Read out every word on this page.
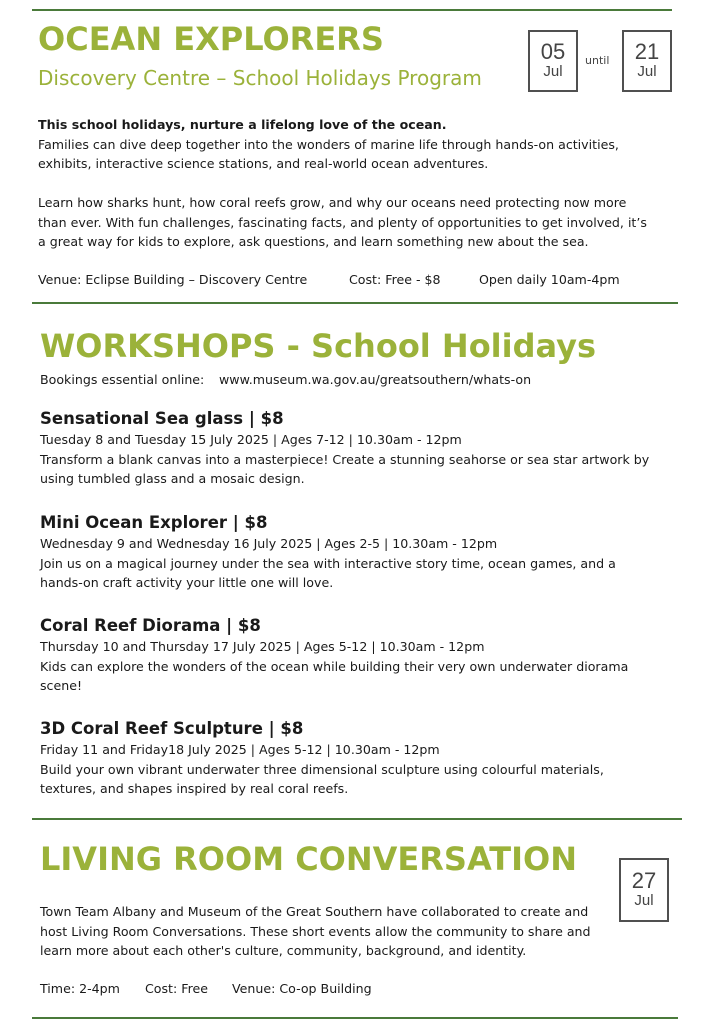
OCEAN EXPLORERS
Discovery Centre – School Holidays Program
05
Jul
until 21
Jul
This school holidays, nurture a lifelong love of the ocean.
Families can dive deep together into the wonders of marine life through hands-on activities,
exhibits, interactive science stations, and real-world ocean adventures.
Learn how sharks hunt, how coral reefs grow, and why our oceans need protecting now more
than ever. With fun challenges, fascinating facts, and plenty of opportunities to get involved, it’s
a great way for kids to explore, ask questions, and learn something new about the sea.
Venue: Eclipse Building – Discovery Centre	Cost: Free - $8	Open daily 10am-4pm
WORKSHOPS - School Holidays
Bookings essential online: www.museum.wa.gov.au/greatsouthern/whats-on
Sensational Sea glass | $8
Tuesday 8 and Tuesday 15 July 2025 | Ages 7-12 | 10.30am - 12pm
Transform a blank canvas into a masterpiece! Create a stunning seahorse or sea star artwork by
using tumbled glass and a mosaic design.
Mini Ocean Explorer | $8
Wednesday 9 and Wednesday 16 July 2025 | Ages 2-5 | 10.30am - 12pm
Join us on a magical journey under the sea with interactive story time, ocean games, and a
hands-on craft activity your little one will love.
Coral Reef Diorama | $8
Thursday 10 and Thursday 17 July 2025 | Ages 5-12 | 10.30am - 12pm
Kids can explore the wonders of the ocean while building their very own underwater diorama
scene!
3D Coral Reef Sculpture | $8
Friday 11 and Friday18 July 2025 | Ages 5-12 | 10.30am - 12pm
Build your own vibrant underwater three dimensional sculpture using colourful materials,
textures, and shapes inspired by real coral reefs.
LIVING ROOM CONVERSATION
27
Jul
Town Team Albany and Museum of the Great Southern have collaborated to create and
host Living Room Conversations. These short events allow the community to share and
learn more about each other's culture, community, background, and identity.
Time: 2-4pm Cost: Free Venue: Co-op Building
